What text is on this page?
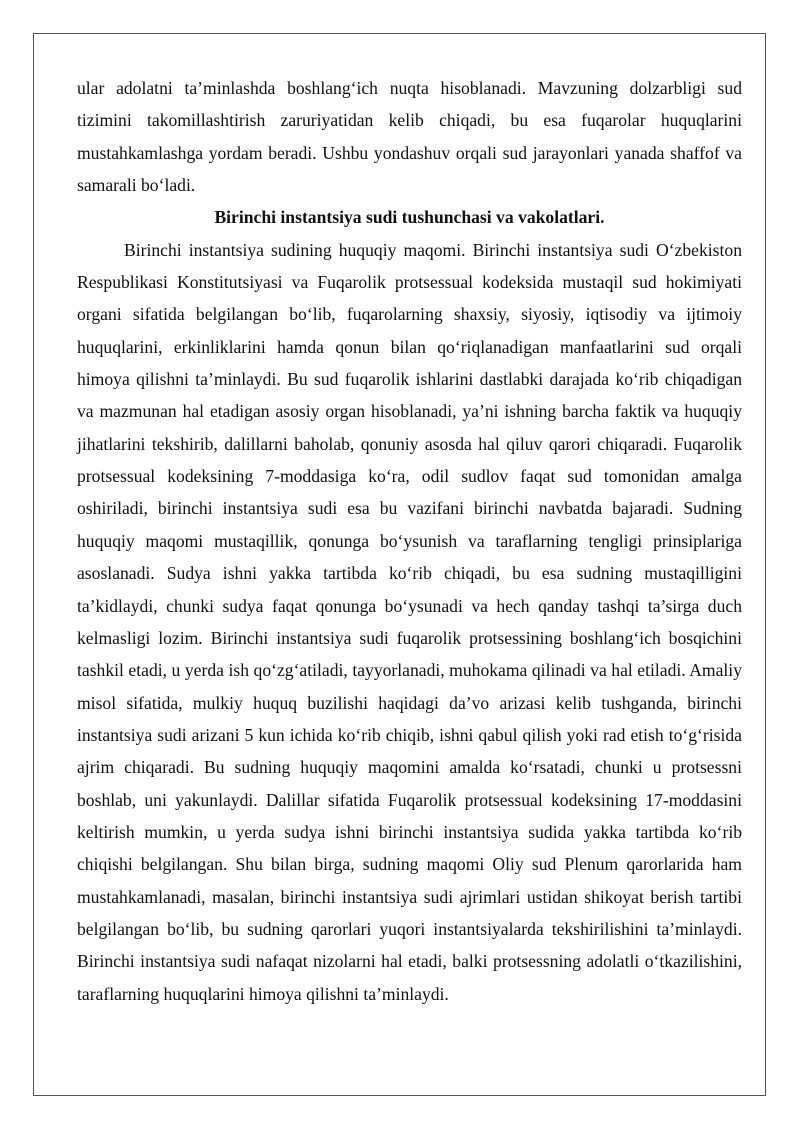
ular adolatni ta’minlashda boshlang‘ich nuqta hisoblanadi. Mavzuning dolzarbligi sud tizimini takomillashtirish zaruriyatidan kelib chiqadi, bu esa fuqarolar huquqlarini mustahkamlashga yordam beradi. Ushbu yondashuv orqali sud jarayonlari yanada shaffof va samarali bo‘ladi.

Birinchi instantsiya sudi tushunchasi va vakolatlari.

Birinchi instantsiya sudining huquqiy maqomi. Birinchi instantsiya sudi O‘zbekiston Respublikasi Konstitutsiyasi va Fuqarolik protsessual kodeksida mustaqil sud hokimiyati organi sifatida belgilangan bo‘lib, fuqarolarning shaxsiy, siyosiy, iqtisodiy va ijtimoiy huquqlarini, erkinliklarini hamda qonun bilan qo‘riqlanadigan manfaatlarini sud orqali himoya qilishni ta’minlaydi. Bu sud fuqarolik ishlarini dastlabki darajada ko‘rib chiqadigan va mazmunan hal etadigan asosiy organ hisoblanadi, ya’ni ishning barcha faktik va huquqiy jihatlarini tekshirib, dalillarni baholab, qonuniy asosda hal qiluv qarori chiqaradi. Fuqarolik protsessual kodeksining 7-moddasiga ko‘ra, odil sudlov faqat sud tomonidan amalga oshiriladi, birinchi instantsiya sudi esa bu vazifani birinchi navbatda bajaradi. Sudning huquqiy maqomi mustaqillik, qonunga bo‘ysunish va taraflarning tengligi prinsiplariga asoslanadi. Sudya ishni yakka tartibda ko‘rib chiqadi, bu esa sudning mustaqilligini ta’kidlaydi, chunki sudya faqat qonunga bo‘ysunadi va hech qanday tashqi ta’sirga duch kelmasligi lozim. Birinchi instantsiya sudi fuqarolik protsessining boshlang‘ich bosqichini tashkil etadi, u yerda ish qo‘zg‘atiladi, tayyorlanadi, muhokama qilinadi va hal etiladi. Amaliy misol sifatida, mulkiy huquq buzilishi haqidagi da’vo arizasi kelib tushganda, birinchi instantsiya sudi arizani 5 kun ichida ko‘rib chiqib, ishni qabul qilish yoki rad etish to‘g‘risida ajrim chiqaradi. Bu sudning huquqiy maqomini amalda ko‘rsatadi, chunki u protsessni boshlab, uni yakunlaydi. Dalillar sifatida Fuqarolik protsessual kodeksining 17-moddasini keltirish mumkin, u yerda sudya ishni birinchi instantsiya sudida yakka tartibda ko‘rib chiqishi belgilangan. Shu bilan birga, sudning maqomi Oliy sud Plenum qarorlarida ham mustahkamlanadi, masalan, birinchi instantsiya sudi ajrimlari ustidan shikoyat berish tartibi belgilangan bo‘lib, bu sudning qarorlari yuqori instantsiyalarda tekshirilishini ta’minlaydi. Birinchi instantsiya sudi nafaqat nizolarni hal etadi, balki protsessning adolatli o‘tkazilishini, taraflarning huquqlarini himoya qilishni ta’minlaydi.
